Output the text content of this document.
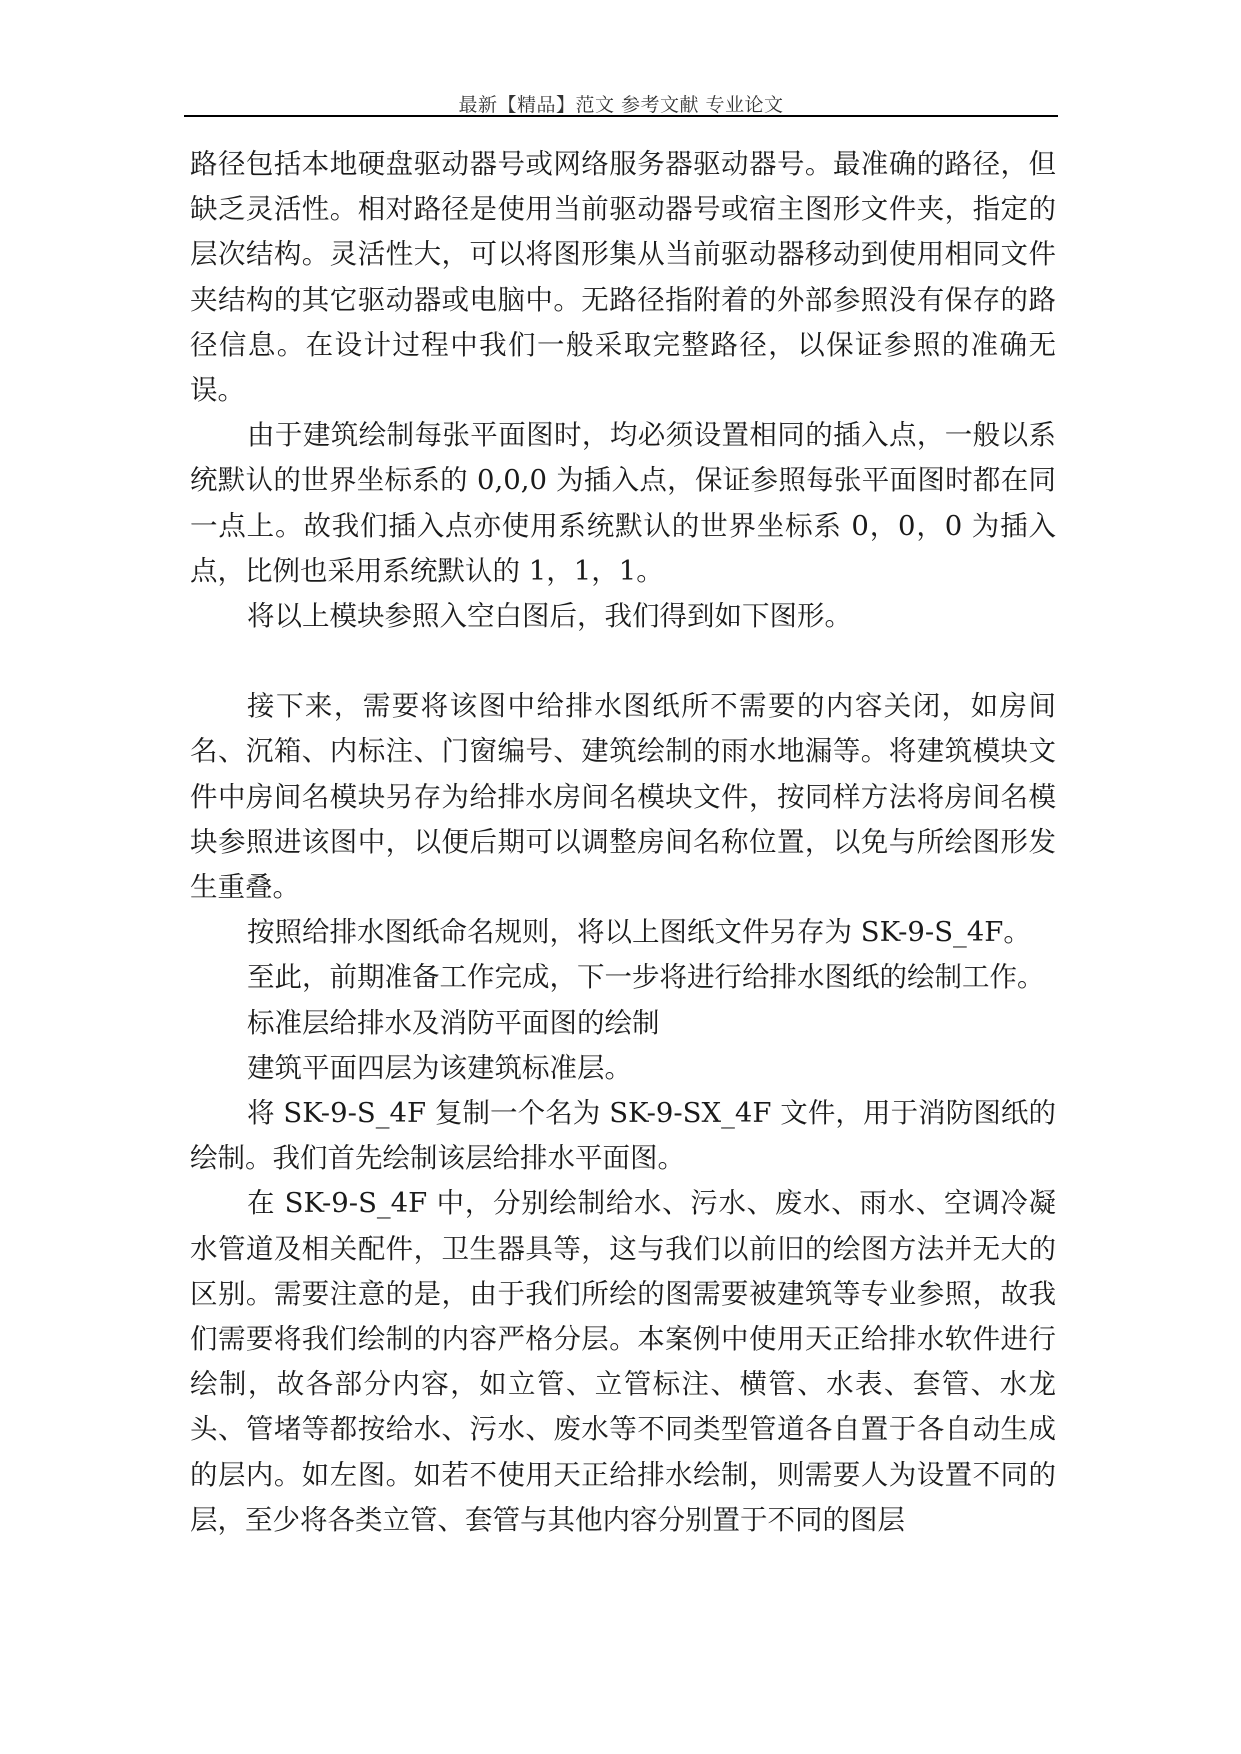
最新【精品】范文 参考文献 专业论文

路径包括本地硬盘驱动器号或网络服务器驱动器号。最准确的路径，但缺乏灵活性。相对路径是使用当前驱动器号或宿主图形文件夹，指定的层次结构。灵活性大，可以将图形集从当前驱动器移动到使用相同文件夹结构的其它驱动器或电脑中。无路径指附着的外部参照没有保存的路径信息。在设计过程中我们一般采取完整路径，以保证参照的准确无误。

由于建筑绘制每张平面图时，均必须设置相同的插入点，一般以系统默认的世界坐标系的 0,0,0 为插入点，保证参照每张平面图时都在同一点上。故我们插入点亦使用系统默认的世界坐标系 0，0，0 为插入点，比例也采用系统默认的 1，1，1。

将以上模块参照入空白图后，我们得到如下图形。

接下来，需要将该图中给排水图纸所不需要的内容关闭，如房间名、沉箱、内标注、门窗编号、建筑绘制的雨水地漏等。将建筑模块文件中房间名模块另存为给排水房间名模块文件，按同样方法将房间名模块参照进该图中，以便后期可以调整房间名称位置，以免与所绘图形发生重叠。

按照给排水图纸命名规则，将以上图纸文件另存为 SK-9-S_4F。

至此，前期准备工作完成，下一步将进行给排水图纸的绘制工作。

标准层给排水及消防平面图的绘制

建筑平面四层为该建筑标准层。

将 SK-9-S_4F 复制一个名为 SK-9-SX_4F 文件，用于消防图纸的绘制。我们首先绘制该层给排水平面图。

在 SK-9-S_4F 中，分别绘制给水、污水、废水、雨水、空调冷凝水管道及相关配件，卫生器具等，这与我们以前旧的绘图方法并无大的区别。需要注意的是，由于我们所绘的图需要被建筑等专业参照，故我们需要将我们绘制的内容严格分层。本案例中使用天正给排水软件进行绘制，故各部分内容，如立管、立管标注、横管、水表、套管、水龙头、管堵等都按给水、污水、废水等不同类型管道各自置于各自动生成的层内。如左图。如若不使用天正给排水绘制，则需要人为设置不同的层，至少将各类立管、套管与其他内容分别置于不同的图层
